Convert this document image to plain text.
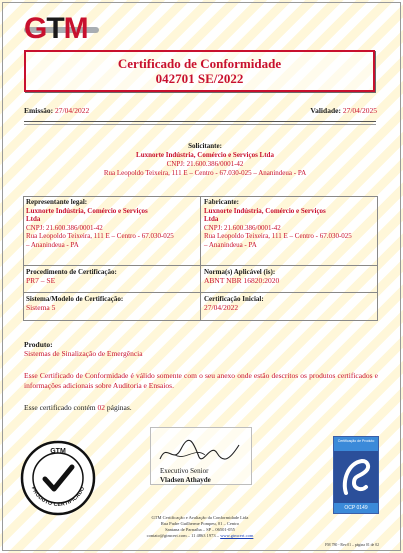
GTM
Certificado de Conformidade
042701 SE/2022
Emissão: 27/04/2022	Validade: 27/04/2025
Solicitante:
Luxnorte Indústria, Comércio e Serviços Ltda
CNPJ: 21.600.386/0001-42
Rua Leopoldo Teixeira, 111 E – Centro - 67.030-025 – Ananindeua - PA
Representante legal:
Luxnorte Indústria, Comércio e Serviços
Ltda
CNPJ: 21.600.386/0001-42
Rua Leopoldo Teixeira, 111 E – Centro - 67.030-025
– Ananindeua - PA
Fabricante:
Luxnorte Indústria, Comércio e Serviços
Ltda
CNPJ: 21.600.386/0001-42
Rua Leopoldo Teixeira, 111 E – Centro - 67.030-025
– Ananindeua - PA
Procedimento de Certificação:
PR7 – SE
Norma(s) Aplicável (is):
ABNT NBR 16820:2020
Sistema/Modelo de Certificação:
Sistema 5
Certificação Inicial:
27/04/2022
Produto:
Sistemas de Sinalização de Emergência
Esse Certificado de Conformidade é válido somente com o seu anexo onde estão descritos os produtos certificados e informações adicionais sobre Auditoria e Ensaios.
Esse certificado contém 02 páginas.
GTM
PRODUTO CERTIFICADO
Executivo Senior
Vladsen Athayde
Certificação de Produto
OCP 0149
GTM Certificação e Avaliação da Conformidade Ltda
Rua Padre Guilherme Pompeu, 01 – Centro
Santana de Parnaíba – SP – 06501-055
contato@gtmcert.com – 11 4863 1973 – www.gtmcert.com
FM 780 - Rev.01 – página 01 de 02
